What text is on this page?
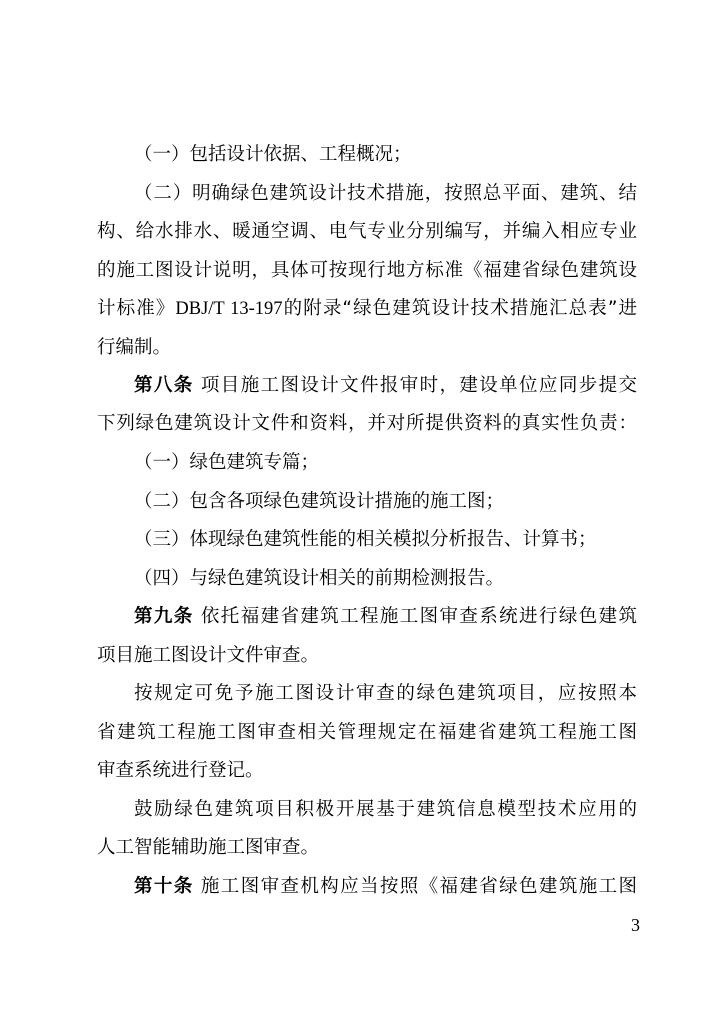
（一）包括设计依据、工程概况；
（二）明确绿色建筑设计技术措施，按照总平面、建筑、结
构、给水排水、暖通空调、电气专业分别编写，并编入相应专业
的施工图设计说明，具体可按现行地方标准《福建省绿色建筑设
计标准》DBJ/T 13-197的附录“绿色建筑设计技术措施汇总表”进
行编制。
第八条 项目施工图设计文件报审时，建设单位应同步提交
下列绿色建筑设计文件和资料，并对所提供资料的真实性负责：
（一）绿色建筑专篇；
（二）包含各项绿色建筑设计措施的施工图；
（三）体现绿色建筑性能的相关模拟分析报告、计算书；
（四）与绿色建筑设计相关的前期检测报告。
第九条 依托福建省建筑工程施工图审查系统进行绿色建筑
项目施工图设计文件审查。
按规定可免予施工图设计审查的绿色建筑项目，应按照本
省建筑工程施工图审查相关管理规定在福建省建筑工程施工图
审查系统进行登记。
鼓励绿色建筑项目积极开展基于建筑信息模型技术应用的
人工智能辅助施工图审查。
第十条 施工图审查机构应当按照《福建省绿色建筑施工图
3
